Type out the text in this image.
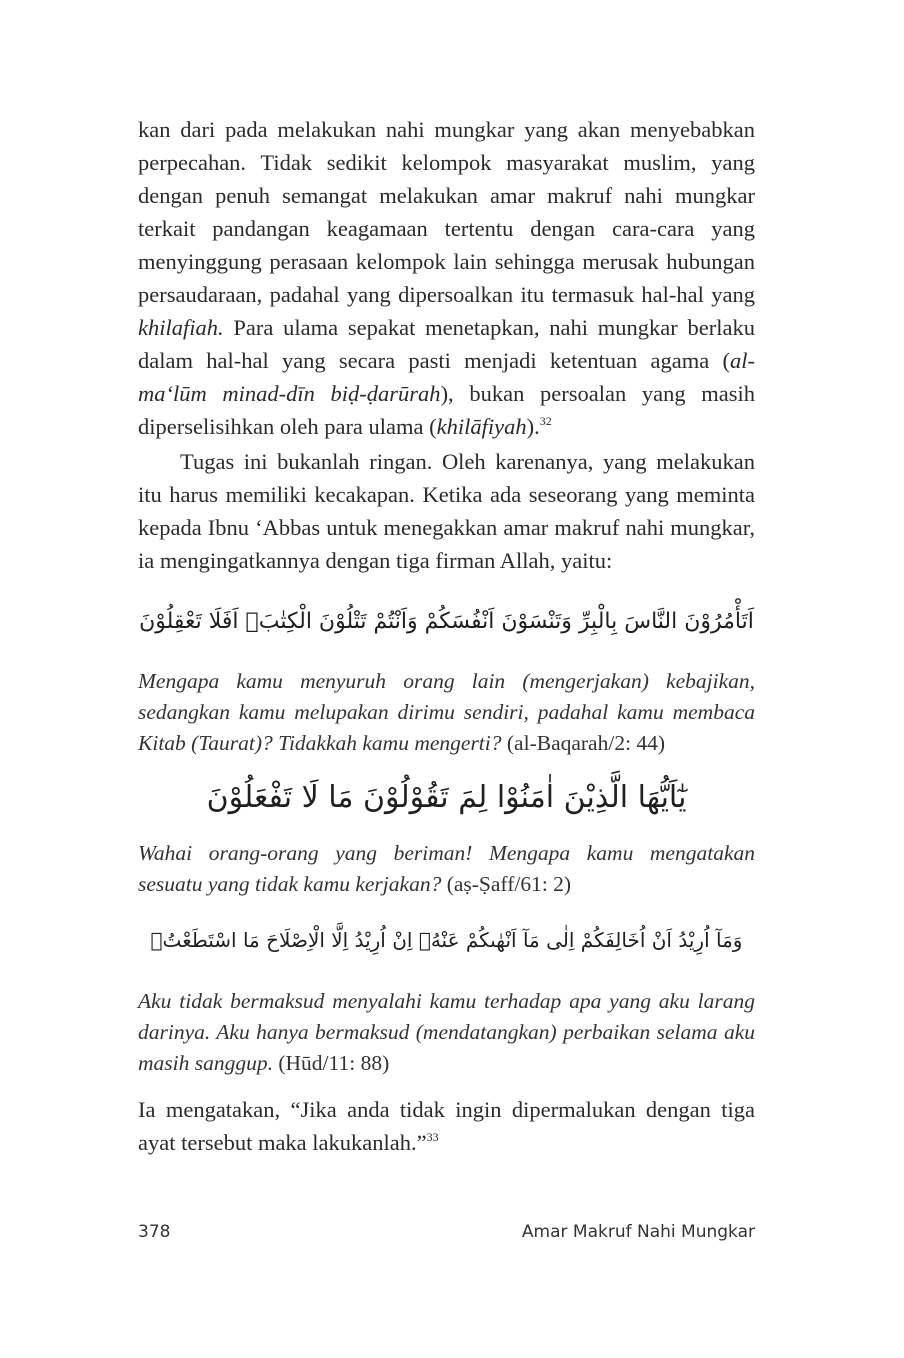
kan dari pada melakukan nahi mungkar yang akan menyebabkan perpecahan. Tidak sedikit kelompok masyarakat muslim, yang dengan penuh semangat melakukan amar makruf nahi mungkar terkait pandangan keagamaan tertentu dengan cara-cara yang menyinggung perasaan kelompok lain sehingga merusak hubungan persaudaraan, padahal yang dipersoalkan itu termasuk hal-hal yang khilafiah. Para ulama sepakat menetapkan, nahi mungkar berlaku dalam hal-hal yang secara pasti menjadi ketentuan agama (al-ma‘lūm minad-dīn biḍ-ḍarūrah), bukan persoalan yang masih diperselisihkan oleh para ulama (khilāfiyah).$^{32}$

Tugas ini bukanlah ringan. Oleh karenanya, yang melakukan itu harus memiliki kecakapan. Ketika ada seseorang yang meminta kepada Ibnu ‘Abbas untuk menegakkan amar makruf nahi mungkar, ia mengingatkannya dengan tiga firman Allah, yaitu:

اَتَأْمُرُوْنَ النَّاسَ بِالْبِرِّ وَتَنْسَوْنَ اَنْفُسَكُمْ وَاَنْتُمْ تَتْلُوْنَ الْكِتٰبَۗ اَفَلَا تَعْقِلُوْنَ

Mengapa kamu menyuruh orang lain (mengerjakan) kebajikan, sedangkan kamu melupakan dirimu sendiri, padahal kamu membaca Kitab (Taurat)? Tidakkah kamu mengerti? (al-Baqarah/2: 44)

يٰٓاَيُّهَا الَّذِيْنَ اٰمَنُوْا لِمَ تَقُوْلُوْنَ مَا لَا تَفْعَلُوْنَ

Wahai orang-orang yang beriman! Mengapa kamu mengatakan sesuatu yang tidak kamu kerjakan? (aṣ-Ṣaff/61: 2)

وَمَآ اُرِيْدُ اَنْ اُخَالِفَكُمْ اِلٰى مَآ اَنْهٰىكُمْ عَنْهُۗ اِنْ اُرِيْدُ اِلَّا الْاِصْلَاحَ مَا اسْتَطَعْتُۗ

Aku tidak bermaksud menyalahi kamu terhadap apa yang aku larang darinya. Aku hanya bermaksud (mendatangkan) perbaikan selama aku masih sanggup. (Hūd/11: 88)

Ia mengatakan, “Jika anda tidak ingin dipermalukan dengan tiga ayat tersebut maka lakukanlah.”$^{33}$

378	Amar Makruf Nahi Mungkar
